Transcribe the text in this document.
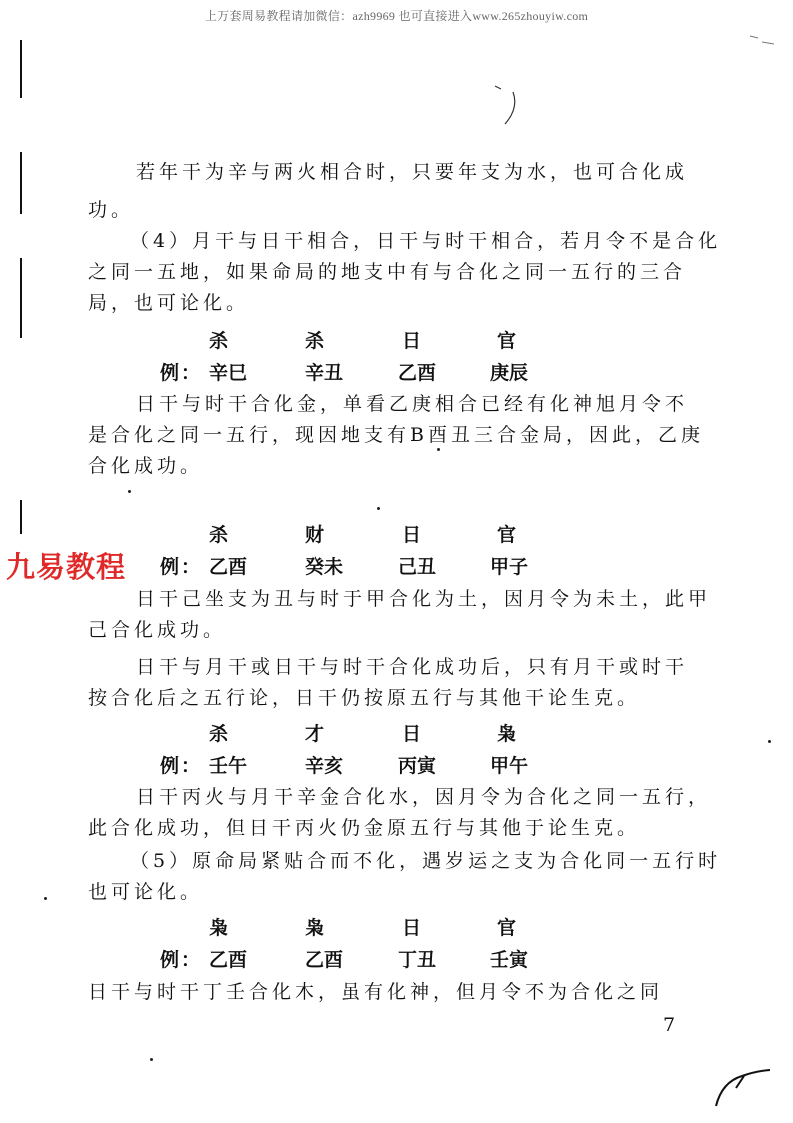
上万套周易教程请加微信：azh9969 也可直接进入www.265zhouyiw.com
若年干为辛与两火相合时，只要年支为水，也可合化成
功。
（4）月干与日干相合，日干与时干相合，若月令不是合化
之同一五地，如果命局的地支中有与合化之同一五行的三合
局，也可论化。
杀	杀	日	官
例： 辛巳	辛丑	乙酉	庚辰
日干与时干合化金，单看乙庚相合已经有化神旭月令不
是合化之同一五行，现因地支有B酉丑三合金局，因此，乙庚
合化成功。
杀	财	日	官
九易教程 例： 乙酉	癸未	己丑	甲子
日干己坐支为丑与时于甲合化为土，因月令为未土，此甲
己合化成功。
日干与月干或日干与时干合化成功后，只有月干或时干
按合化后之五行论，日干仍按原五行与其他干论生克。
杀	才	日	枭
例： 壬午	辛亥	丙寅	甲午
日干丙火与月干辛金合化水，因月令为合化之同一五行，
此合化成功，但日干丙火仍金原五行与其他于论生克。
（5）原命局紧贴合而不化，遇岁运之支为合化同一五行时
也可论化。
枭	枭	日	官
例： 乙酉	乙酉	丁丑	壬寅
日干与时干丁壬合化木，虽有化神，但月令不为合化之同
7
